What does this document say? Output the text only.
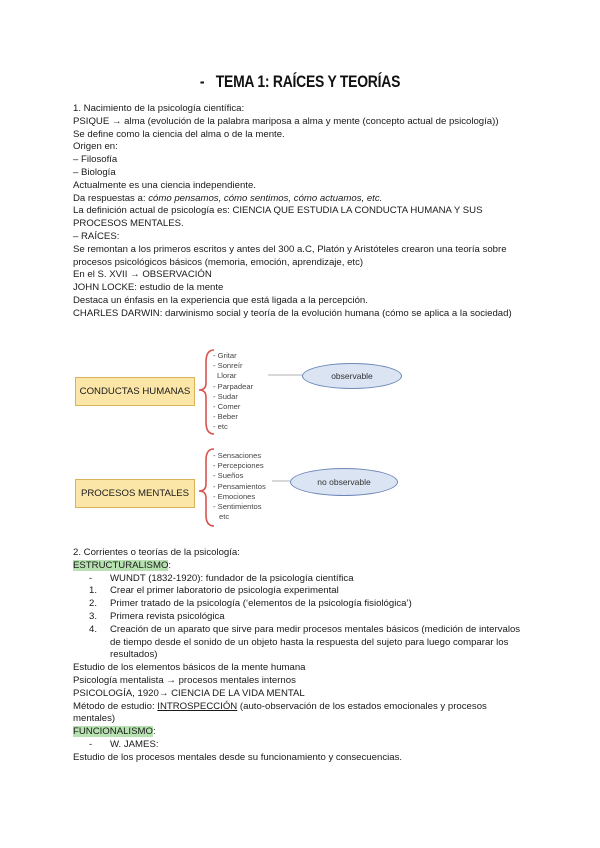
- TEMA 1: RAÍCES Y TEORÍAS
1. Nacimiento de la psicología científica:
PSIQUE → alma (evolución de la palabra mariposa a alma y mente (concepto actual de psicología))
Se define como la ciencia del alma o de la mente.
Origen en:
– Filosofía
– Biología
Actualmente es una ciencia independiente.
Da respuestas a: cómo pensamos, cómo sentimos, cómo actuamos, etc.
La definición actual de psicología es: CIENCIA QUE ESTUDIA LA CONDUCTA HUMANA Y SUS PROCESOS MENTALES.
– RAÍCES:
Se remontan a los primeros escritos y antes del 300 a.C, Platón y Aristóteles crearon una teoría sobre procesos psicológicos básicos (memoria, emoción, aprendizaje, etc)
En el S. XVII → OBSERVACIÓN
JOHN LOCKE: estudio de la mente
Destaca un énfasis en la experiencia que está ligada a la percepción.
CHARLES DARWIN: darwinismo social y teoría de la evolución humana (cómo se aplica a la sociedad)
CONDUCTAS HUMANAS
- Gritar
- Sonreír
Llorar
- Parpadear
- Sudar
- Comer
- Beber
- etc
observable
PROCESOS MENTALES
- Sensaciones
- Percepciones
- Sueños
- Pensamientos
- Emociones
- Sentimientos
etc
no observable
2. Corrientes o teorías de la psicología:
ESTRUCTURALISMO:
- WUNDT (1832-1920): fundador de la psicología científica
1. Crear el primer laboratorio de psicología experimental
2. Primer tratado de la psicología (‘elementos de la psicología fisiológica’)
3. Primera revista psicológica
4. Creación de un aparato que sirve para medir procesos mentales básicos (medición de intervalos de tiempo desde el sonido de un objeto hasta la respuesta del sujeto para luego comparar los resultados)
Estudio de los elementos básicos de la mente humana
Psicología mentalista → procesos mentales internos
PSICOLOGÍA, 1920→ CIENCIA DE LA VIDA MENTAL
Método de estudio: INTROSPECCIÓN (auto-observación de los estados emocionales y procesos mentales)
FUNCIONALISMO:
- W. JAMES:
Estudio de los procesos mentales desde su funcionamiento y consecuencias.
